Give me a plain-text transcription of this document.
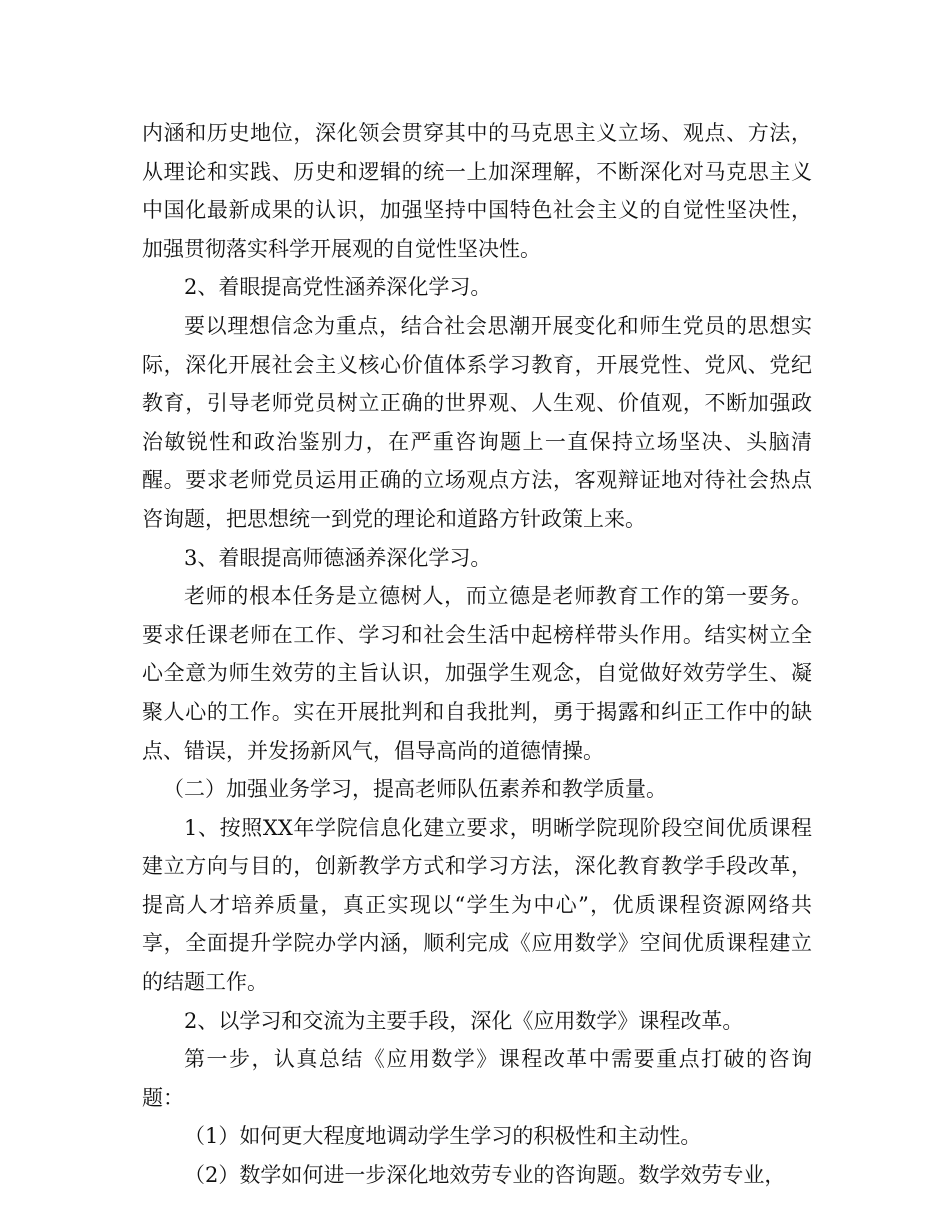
内涵和历史地位，深化领会贯穿其中的马克思主义立场、观点、方法，从理论和实践、历史和逻辑的统一上加深理解，不断深化对马克思主义中国化最新成果的认识，加强坚持中国特色社会主义的自觉性坚决性，加强贯彻落实科学开展观的自觉性坚决性。

2、着眼提高党性涵养深化学习。

要以理想信念为重点，结合社会思潮开展变化和师生党员的思想实际，深化开展社会主义核心价值体系学习教育，开展党性、党风、党纪教育，引导老师党员树立正确的世界观、人生观、价值观，不断加强政治敏锐性和政治鉴别力，在严重咨询题上一直保持立场坚决、头脑清醒。要求老师党员运用正确的立场观点方法，客观辩证地对待社会热点咨询题，把思想统一到党的理论和道路方针政策上来。

3、着眼提高师德涵养深化学习。

老师的根本任务是立德树人，而立德是老师教育工作的第一要务。要求任课老师在工作、学习和社会生活中起榜样带头作用。结实树立全心全意为师生效劳的主旨认识，加强学生观念，自觉做好效劳学生、凝聚人心的工作。实在开展批判和自我批判，勇于揭露和纠正工作中的缺点、错误，并发扬新风气，倡导高尚的道德情操。

（二）加强业务学习，提高老师队伍素养和教学质量。

1、按照XX年学院信息化建立要求，明晰学院现阶段空间优质课程建立方向与目的，创新教学方式和学习方法，深化教育教学手段改革，提高人才培养质量，真正实现以“学生为中心”，优质课程资源网络共享，全面提升学院办学内涵，顺利完成《应用数学》空间优质课程建立的结题工作。

2、以学习和交流为主要手段，深化《应用数学》课程改革。

第一步，认真总结《应用数学》课程改革中需要重点打破的咨询题：

（1）如何更大程度地调动学生学习的积极性和主动性。

（2）数学如何进一步深化地效劳专业的咨询题。数学效劳专业，
